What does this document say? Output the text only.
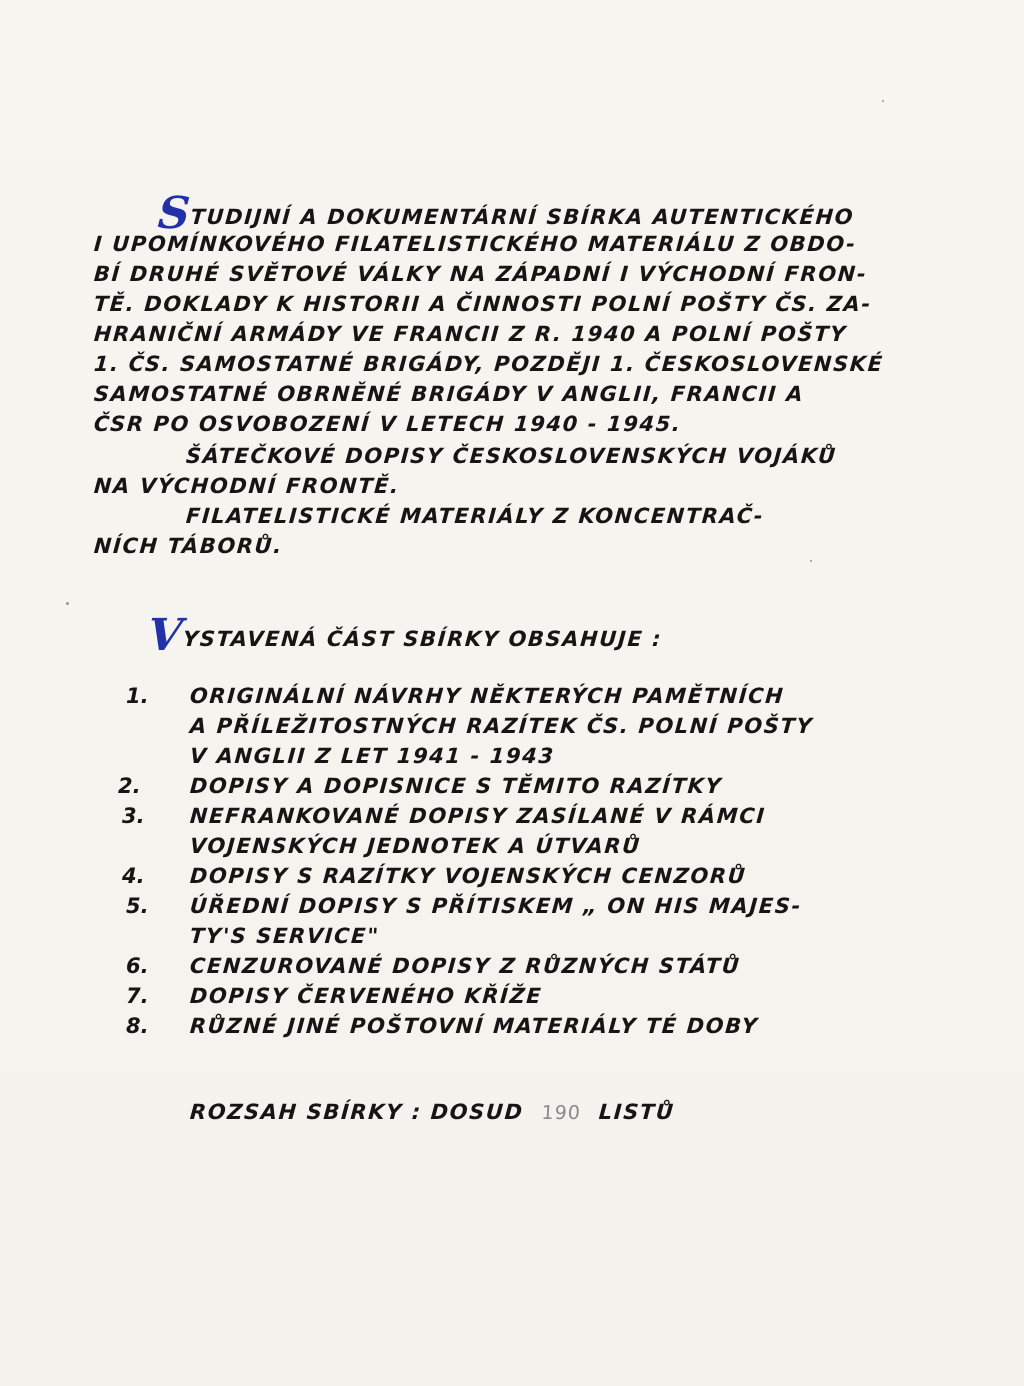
STUDIJNÍ A DOKUMENTÁRNÍ SBÍRKA AUTENTICKÉHO
I UPOMÍNKOVÉHO FILATELISTICKÉHO MATERIÁLU Z OBDO-
BÍ DRUHÉ SVĚTOVÉ VÁLKY NA ZÁPADNÍ I VÝCHODNÍ FRON-
TĚ. DOKLADY K HISTORII A ČINNOSTI POLNÍ POŠTY ČS. ZA-
HRANIČNÍ ARMÁDY VE FRANCII Z R. 1940 A POLNÍ POŠTY
1. ČS. SAMOSTATNÉ BRIGÁDY, POZDĚJI 1. ČESKOSLOVENSKÉ
SAMOSTATNÉ OBRNĚNÉ BRIGÁDY V ANGLII, FRANCII A
ČSR PO OSVOBOZENÍ V LETECH 1940 - 1945.
ŠÁTEČKOVÉ DOPISY ČESKOSLOVENSKÝCH VOJÁKŮ
NA VÝCHODNÍ FRONTĚ.
FILATELISTICKÉ MATERIÁLY Z KONCENTRAČ-
NÍCH TÁBORŮ.
VYSTAVENÁ ČÁST SBÍRKY OBSAHUJE :
1. ORIGINÁLNÍ NÁVRHY NĚKTERÝCH PAMĚTNÍCH
A PŘÍLEŽITOSTNÝCH RAZÍTEK ČS. POLNÍ POŠTY
V ANGLII Z LET 1941 - 1943
2. DOPISY A DOPISNICE S TĚMITO RAZÍTKY
3. NEFRANKOVANÉ DOPISY ZASÍLANÉ V RÁMCI
VOJENSKÝCH JEDNOTEK A ÚTVARŮ
4. DOPISY S RAZÍTKY VOJENSKÝCH CENZORŮ
5. ÚŘEDNÍ DOPISY S PŘÍTISKEM „ ON HIS MAJES-
TY'S SERVICE"
6. CENZUROVANÉ DOPISY Z RŮZNÝCH STÁTŮ
7. DOPISY ČERVENÉHO KŘÍŽE
8. RŮZNÉ JINÉ POŠTOVNÍ MATERIÁLY TÉ DOBY
ROZSAH SBÍRKY : DOSUD 190 LISTŮ
